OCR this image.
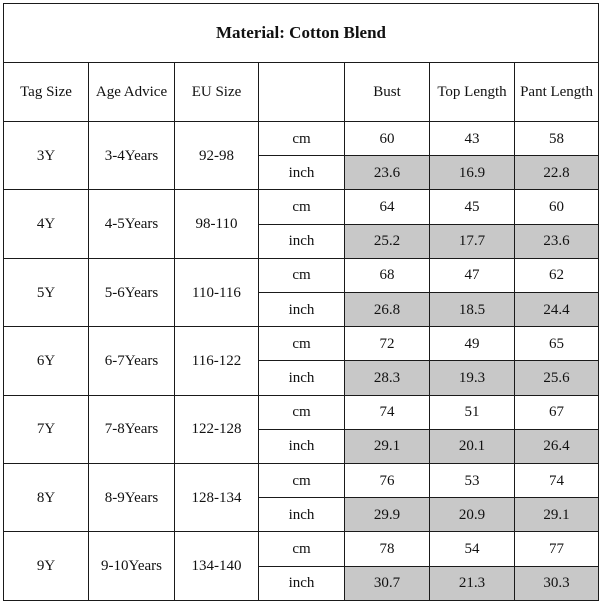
Material: Cotton Blend						
Tag Size	Age Advice	EU Size		Bust	Top Length	Pant Length
3Y	3-4Years	92-98	cm	60	43	58
			inch	23.6	16.9	22.8
4Y	4-5Years	98-110	cm	64	45	60
			inch	25.2	17.7	23.6
5Y	5-6Years	110-116	cm	68	47	62
			inch	26.8	18.5	24.4
6Y	6-7Years	116-122	cm	72	49	65
			inch	28.3	19.3	25.6
7Y	7-8Years	122-128	cm	74	51	67
			inch	29.1	20.1	26.4
8Y	8-9Years	128-134	cm	76	53	74
			inch	29.9	20.9	29.1
9Y	9-10Years	134-140	cm	78	54	77
			inch	30.7	21.3	30.3
